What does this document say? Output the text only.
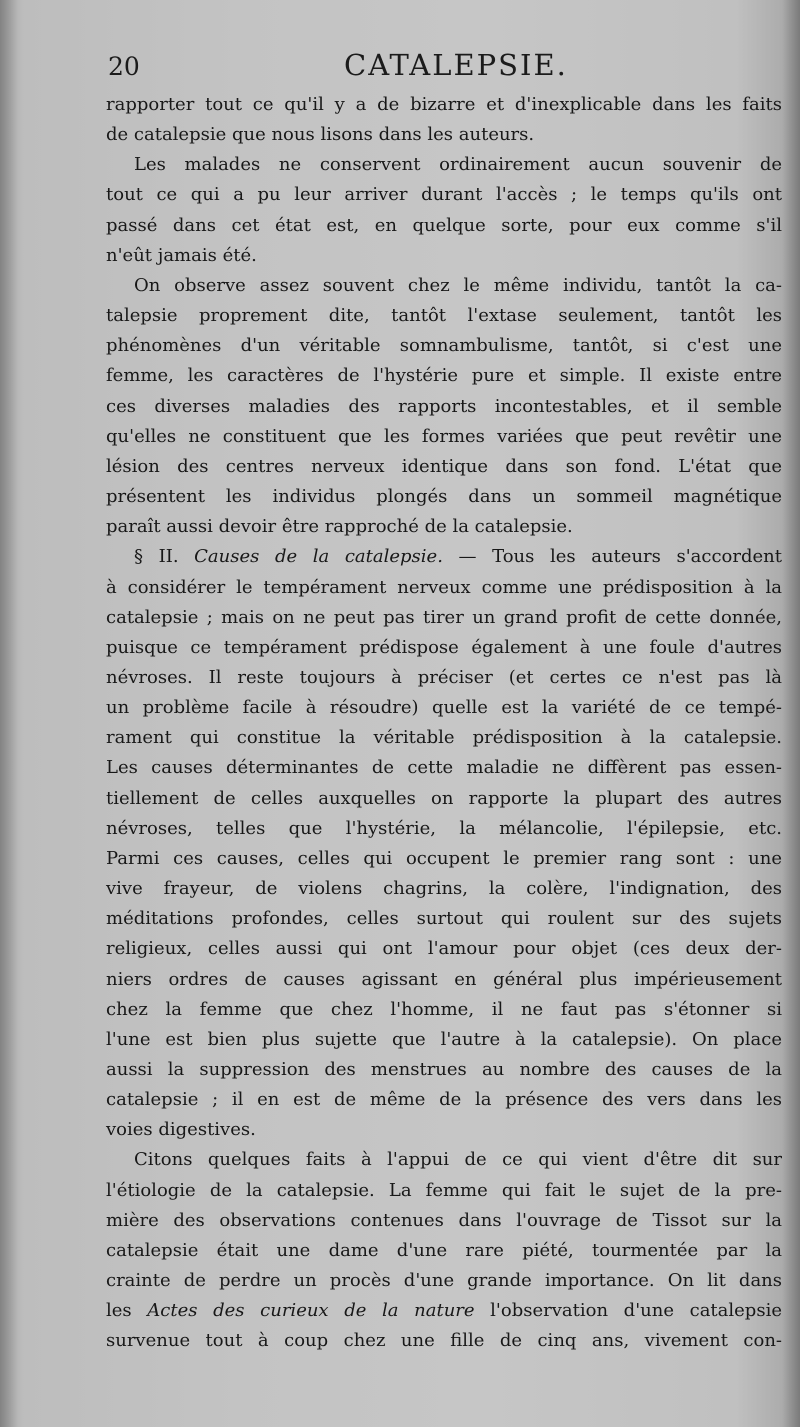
20	CATALEPSIE.

rapporter tout ce qu'il y a de bizarre et d'inexplicable dans les faits

de catalepsie que nous lisons dans les auteurs.

Les malades ne conservent ordinairement aucun souvenir de

tout ce qui a pu leur arriver durant l'accès ; le temps qu'ils ont

passé dans cet état est, en quelque sorte, pour eux comme s'il

n'eût jamais été.

On observe assez souvent chez le même individu, tantôt la ca-

talepsie proprement dite, tantôt l'extase seulement, tantôt les

phénomènes d'un véritable somnambulisme, tantôt, si c'est une

femme, les caractères de l'hystérie pure et simple. Il existe entre

ces diverses maladies des rapports incontestables, et il semble

qu'elles ne constituent que les formes variées que peut revêtir une

lésion des centres nerveux identique dans son fond. L'état que

présentent les individus plongés dans un sommeil magnétique

paraît aussi devoir être rapproché de la catalepsie.

§ II. Causes de la catalepsie. — Tous les auteurs s'accordent

à considérer le tempérament nerveux comme une prédisposition à la

catalepsie ; mais on ne peut pas tirer un grand profit de cette donnée,

puisque ce tempérament prédispose également à une foule d'autres

névroses. Il reste toujours à préciser (et certes ce n'est pas là

un problème facile à résoudre) quelle est la variété de ce tempé-

rament qui constitue la véritable prédisposition à la catalepsie.

Les causes déterminantes de cette maladie ne diffèrent pas essen-

tiellement de celles auxquelles on rapporte la plupart des autres

névroses, telles que l'hystérie, la mélancolie, l'épilepsie, etc.

Parmi ces causes, celles qui occupent le premier rang sont : une

vive frayeur, de violens chagrins, la colère, l'indignation, des

méditations profondes, celles surtout qui roulent sur des sujets

religieux, celles aussi qui ont l'amour pour objet (ces deux der-

niers ordres de causes agissant en général plus impérieusement

chez la femme que chez l'homme, il ne faut pas s'étonner si

l'une est bien plus sujette que l'autre à la catalepsie). On place

aussi la suppression des menstrues au nombre des causes de la

catalepsie ; il en est de même de la présence des vers dans les

voies digestives.

Citons quelques faits à l'appui de ce qui vient d'être dit sur

l'étiologie de la catalepsie. La femme qui fait le sujet de la pre-

mière des observations contenues dans l'ouvrage de Tissot sur la

catalepsie était une dame d'une rare piété, tourmentée par la

crainte de perdre un procès d'une grande importance. On lit dans

les Actes des curieux de la nature l'observation d'une catalepsie

survenue tout à coup chez une fille de cinq ans, vivement con-
